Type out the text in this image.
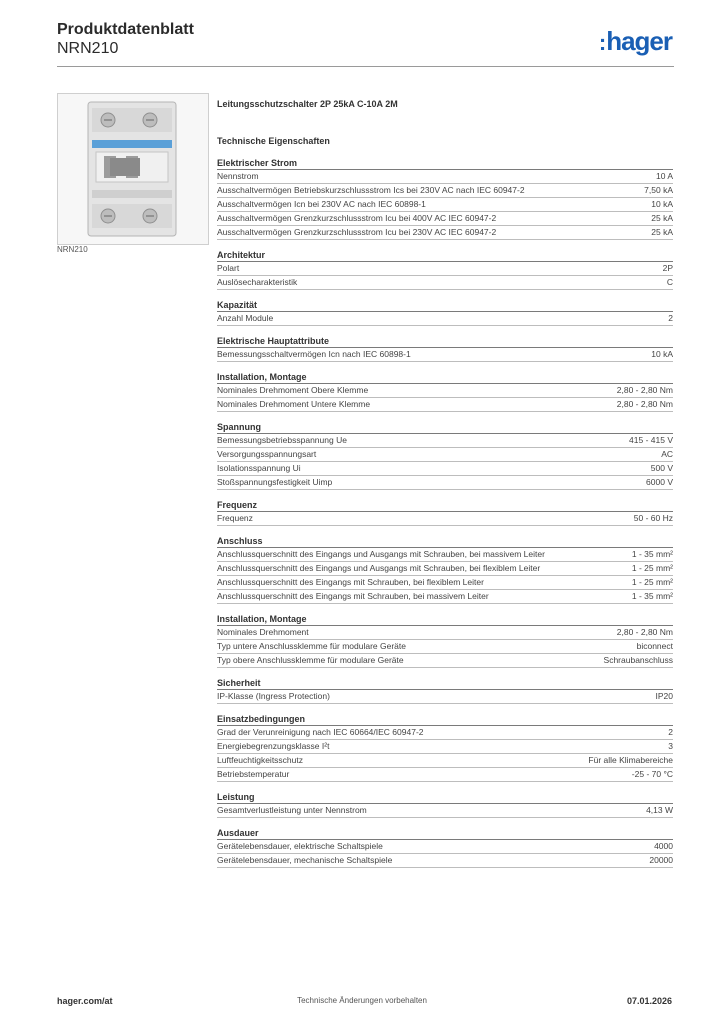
Produktdatenblatt
NRN210	:hager
NRN210
Leitungsschutzschalter 2P 25kA C-10A 2M
Technische Eigenschaften
Elektrischer Strom
Nennstrom	10 A
Ausschaltvermögen Betriebskurzschlussstrom Ics bei 230V AC nach IEC 60947-2	7,50 kA
Ausschaltvermögen Icn bei 230V AC nach IEC 60898-1	10 kA
Ausschaltvermögen Grenzkurzschlussstrom Icu bei 400V AC IEC 60947-2	25 kA
Ausschaltvermögen Grenzkurzschlussstrom Icu bei 230V AC IEC 60947-2	25 kA
Architektur
Polart	2P
Auslösecharakteristik	C
Kapazität
Anzahl Module	2
Elektrische Hauptattribute
Bemessungsschaltvermögen Icn nach IEC 60898-1	10 kA
Installation, Montage
Nominales Drehmoment Obere Klemme	2,80 - 2,80 Nm
Nominales Drehmoment Untere Klemme	2,80 - 2,80 Nm
Spannung
Bemessungsbetriebsspannung Ue	415 - 415 V
Versorgungsspannungsart	AC
Isolationsspannung Ui	500 V
Stoßspannungsfestigkeit Uimp	6000 V
Frequenz
Frequenz	50 - 60 Hz
Anschluss
Anschlussquerschnitt des Eingangs und Ausgangs mit Schrauben, bei massivem Leiter	1 - 35 mm²
Anschlussquerschnitt des Eingangs und Ausgangs mit Schrauben, bei flexiblem Leiter	1 - 25 mm²
Anschlussquerschnitt des Eingangs mit Schrauben, bei flexiblem Leiter	1 - 25 mm²
Anschlussquerschnitt des Eingangs mit Schrauben, bei massivem Leiter	1 - 35 mm²
Installation, Montage
Nominales Drehmoment	2,80 - 2,80 Nm
Typ untere Anschlussklemme für modulare Geräte	biconnect
Typ obere Anschlussklemme für modulare Geräte	Schraubanschluss
Sicherheit
IP-Klasse (Ingress Protection)	IP20
Einsatzbedingungen
Grad der Verunreinigung nach IEC 60664/IEC 60947-2	2
Energiebegrenzungsklasse I²t	3
Luftfeuchtigkeitsschutz	Für alle Klimabereiche
Betriebstemperatur	-25 - 70 °C
Leistung
Gesamtverlustleistung unter Nennstrom	4,13 W
Ausdauer
Gerätelebensdauer, elektrische Schaltspiele	4000
Gerätelebensdauer, mechanische Schaltspiele	20000
hager.com/at	Technische Änderungen vorbehalten	07.01.2026
